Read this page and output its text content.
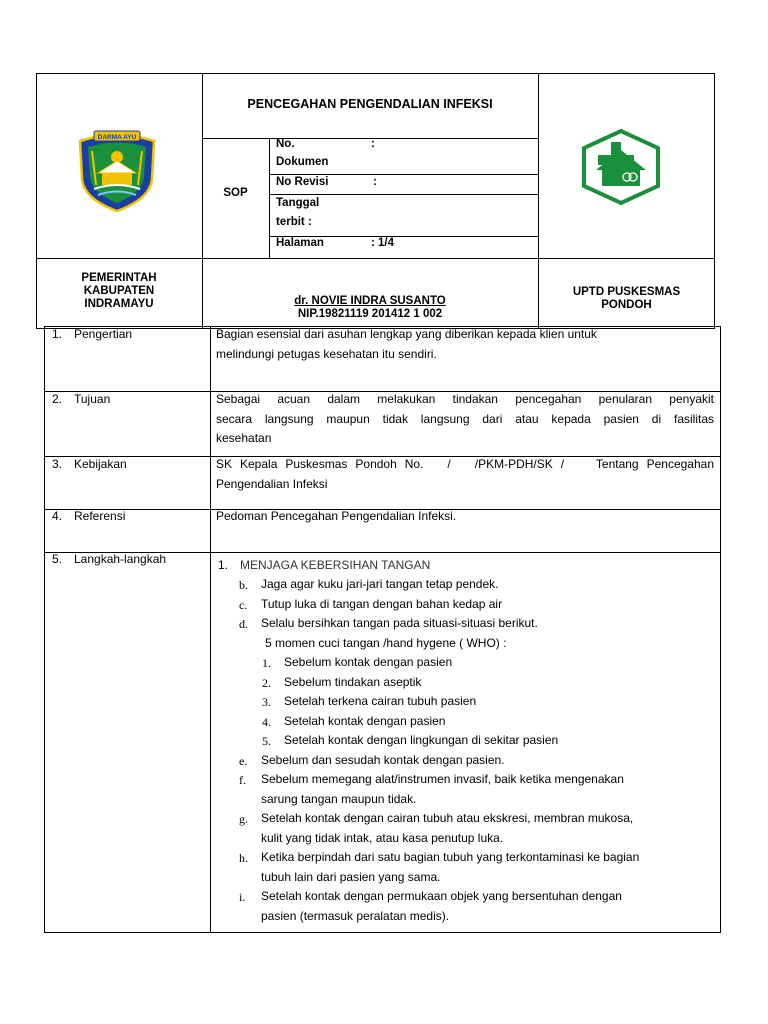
DARMA AYU
PENCEGAHAN PENGENDALIAN INFEKSI
SOP
No.	:
Dokumen
No Revisi	:
Tanggal
terbit :
Halaman	: 1/4
PEMERINTAH
KABUPATEN
INDRAMAYU	dr. NOVIE INDRA SUSANTO
NIP.19821119 201412 1 002
UPTD PUSKESMAS
PONDOH
1. Pengertian	Bagian esensial dari asuhan lengkap yang diberikan kepada klien untuk
melindungi petugas kesehatan itu sendiri.
2. Tujuan	Sebagai acuan dalam melakukan tindakan pencegahan penularan penyakit
secara langsung maupun tidak langsung dari atau kepada pasien di fasilitas
kesehatan
3. Kebijakan	SK Kepala Puskesmas Pondoh No.   /   /PKM-PDH/SK /    Tentang Pencegahan
Pengendalian Infeksi
4. Referensi	Pedoman Pencegahan Pengendalian Infeksi.
5. Langkah-langkah	1. MENJAGA KEBERSIHAN TANGAN
b. Jaga agar kuku jari-jari tangan tetap pendek.
c. Tutup luka di tangan dengan bahan kedap air
d. Selalu bersihkan tangan pada situasi-situasi berikut.
5 momen cuci tangan /hand hygene ( WHO) :
1. Sebelum kontak dengan pasien
2. Sebelum tindakan aseptik
3. Setelah terkena cairan tubuh pasien
4. Setelah kontak dengan pasien
5. Setelah kontak dengan lingkungan di sekitar pasien
e. Sebelum dan sesudah kontak dengan pasien.
f. Sebelum memegang alat/instrumen invasif, baik ketika mengenakan
sarung tangan maupun tidak.
g. Setelah kontak dengan cairan tubuh atau ekskresi, membran mukosa,
kulit yang tidak intak, atau kasa penutup luka.
h. Ketika berpindah dari satu bagian tubuh yang terkontaminasi ke bagian
tubuh lain dari pasien yang sama.
i. Setelah kontak dengan permukaan objek yang bersentuhan dengan
pasien (termasuk peralatan medis).
